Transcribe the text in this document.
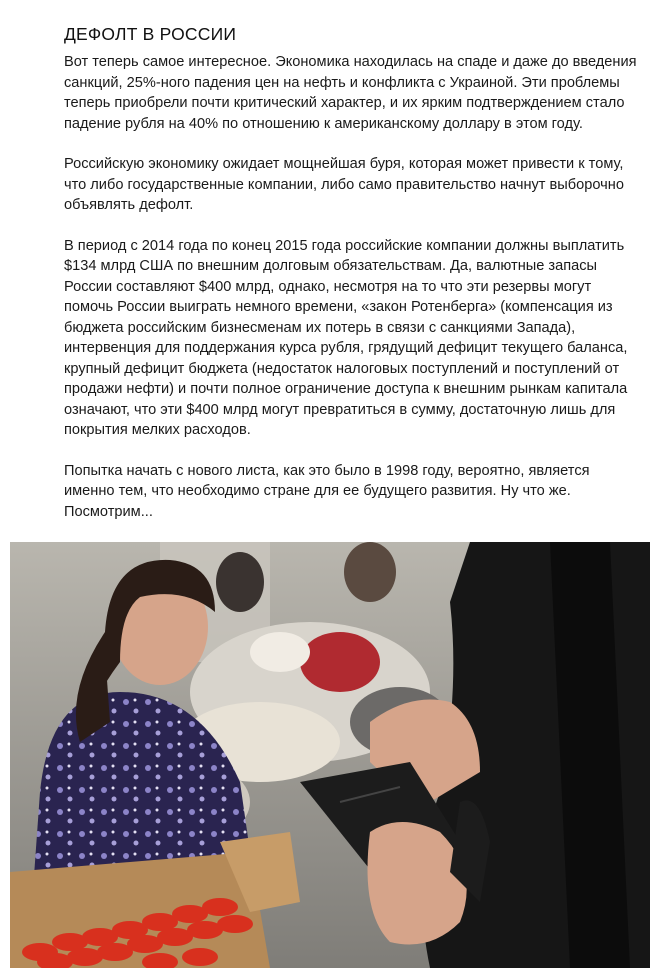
ДЕФОЛТ В РОССИИ

Вот теперь самое интересное. Экономика находилась на спаде и даже до введения санкций, 25%-ного падения цен на нефть и конфликта с Украиной. Эти проблемы теперь приобрели почти критический характер, и их ярким подтверждением стало падение рубля на 40% по отношению к американскому доллару в этом году.

Российскую экономику ожидает мощнейшая буря, которая может привести к тому, что либо государственные компании, либо само правительство начнут выборочно объявлять дефолт.

В период с 2014 года по конец 2015 года российские компании должны выплатить $134 млрд США по внешним долговым обязательствам. Да, валютные запасы России составляют $400 млрд, однако, несмотря на то что эти резервы могут помочь России выиграть немного времени, «закон Ротенберга» (компенсация из бюджета российским бизнесменам их потерь в связи с санкциями Запада), интервенция для поддержания курса рубля, грядущий дефицит текущего баланса, крупный дефицит бюджета (недостаток налоговых поступлений и поступлений от продажи нефти) и почти полное ограничение доступа к внешним рынкам капитала означают, что эти $400 млрд могут превратиться в сумму, достаточную лишь для покрытия мелких расходов.

Попытка начать с нового листа, как это было в 1998 году, вероятно, является именно тем, что необходимо стране для ее будущего развития. Ну что же. Посмотрим...
